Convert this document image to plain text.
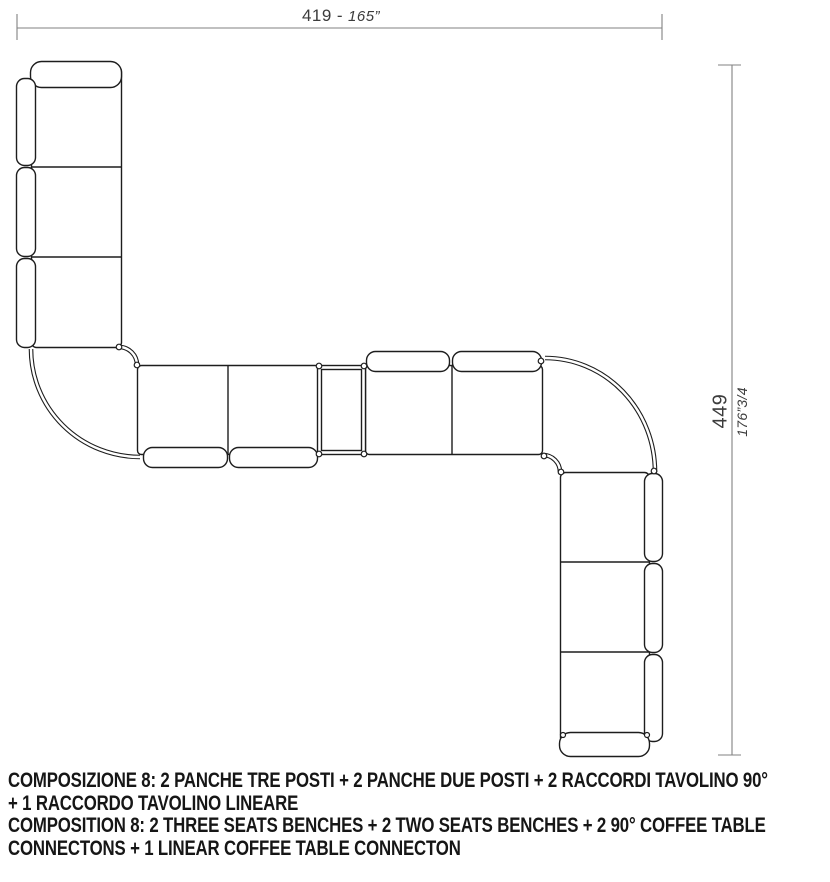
419 - 165”
449 176”3/4
COMPOSIZIONE 8: 2 PANCHE TRE POSTI + 2 PANCHE DUE POSTI + 2 RACCORDI TAVOLINO 90°
+ 1 RACCORDO TAVOLINO LINEARE
COMPOSITION 8: 2 THREE SEATS BENCHES + 2 TWO SEATS BENCHES + 2 90° COFFEE TABLE
CONNECTONS + 1 LINEAR COFFEE TABLE CONNECTON
